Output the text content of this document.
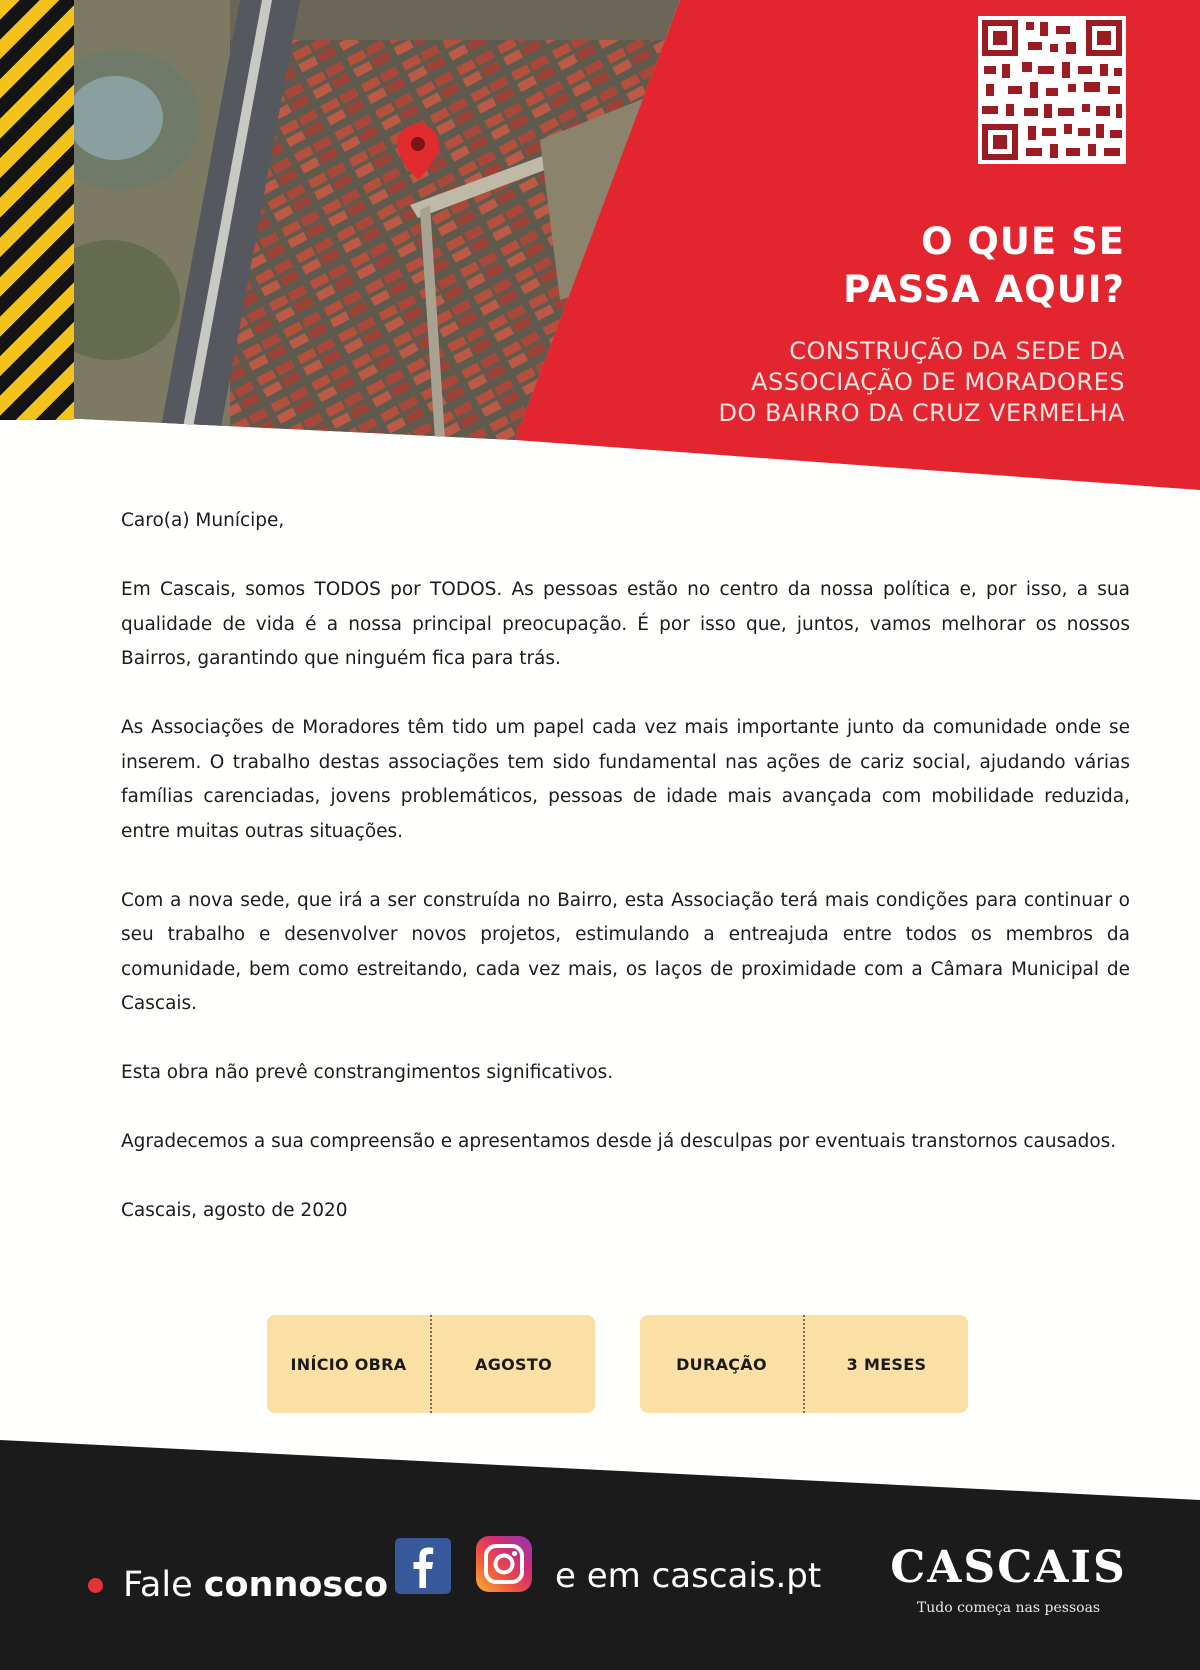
O QUE SE
PASSA AQUI?

CONSTRUÇÃO DA SEDE DA
ASSOCIAÇÃO DE MORADORES
DO BAIRRO DA CRUZ VERMELHA

Caro(a) Munícipe,

Em Cascais, somos TODOS por TODOS. As pessoas estão no centro da nossa política e, por isso, a sua qualidade de vida é a nossa principal preocupação. É por isso que, juntos, vamos melhorar os nossos Bairros, garantindo que ninguém fica para trás.

As Associações de Moradores têm tido um papel cada vez mais importante junto da comunidade onde se inserem. O trabalho destas associações tem sido fundamental nas ações de cariz social, ajudando várias famílias carenciadas, jovens problemáticos, pessoas de idade mais avançada com mobilidade reduzida, entre muitas outras situações.

Com a nova sede, que irá a ser construída no Bairro, esta Associação terá mais condições para continuar o seu trabalho e desenvolver novos projetos, estimulando a entreajuda entre todos os membros da comunidade, bem como estreitando, cada vez mais, os laços de proximidade com a Câmara Municipal de Cascais.

Esta obra não prevê constrangimentos significativos.

Agradecemos a sua compreensão e apresentamos desde já desculpas por eventuais transtornos causados.

Cascais, agosto de 2020

INÍCIO OBRA	AGOSTO	DURAÇÃO	3 MESES
Fale connosco	e em cascais.pt CASCAIS
Tudo começa nas pessoas
